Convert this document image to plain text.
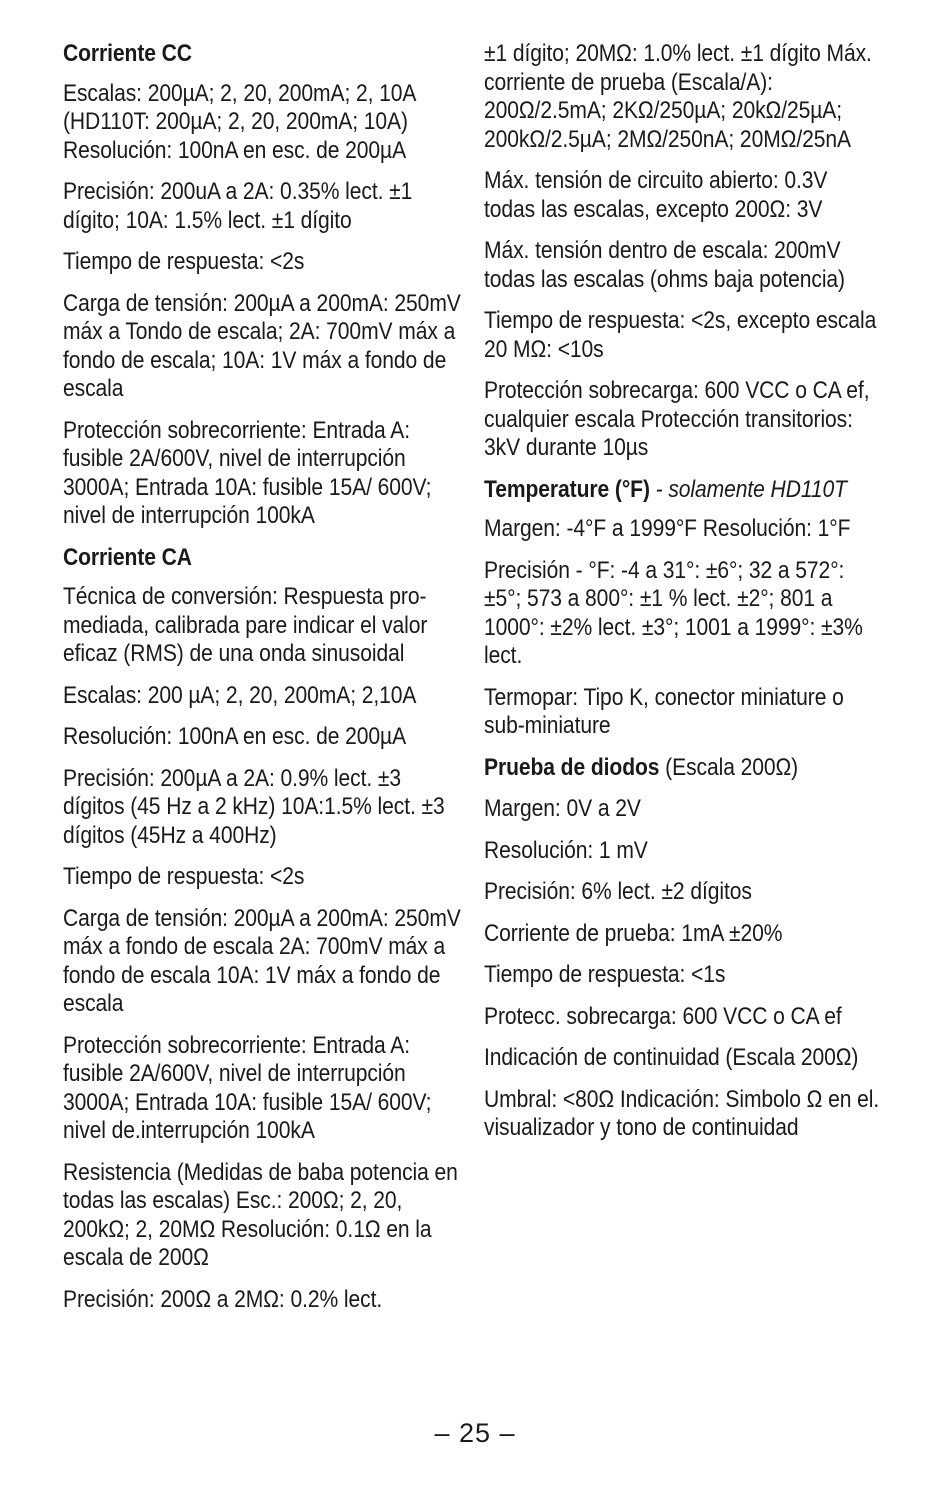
Corriente CC
Escalas: 200µA; 2, 20, 200mA; 2, 10A (HD110T: 200µA; 2, 20, 200mA; 10A) Resolución: 100nA en esc. de 200µA
Precisión: 200uA a 2A: 0.35% lect. ±1 dígito; 10A: 1.5% lect. ±1 dígito
Tiempo de respuesta: <2s
Carga de tensión: 200µA a 200mA: 250mV máx a Tondo de escala; 2A: 700mV máx a fondo de escala; 10A: 1V máx a fondo de escala
Protección sobrecorriente: Entrada A: fusible 2A/600V, nivel de interrupción 3000A; Entrada 10A: fusible 15A/ 600V; nivel de interrupción 100kA
Corriente CA
Técnica de conversión: Respuesta promediada, calibrada pare indicar el valor eficaz (RMS) de una onda sinusoidal
Escalas: 200 µA; 2, 20, 200mA; 2,10A
Resolución: 100nA en esc. de 200µA
Precisión: 200µA a 2A: 0.9% lect. ±3 dígitos (45 Hz a 2 kHz) 10A:1.5% lect. ±3 dígitos (45Hz a 400Hz)
Tiempo de respuesta: <2s
Carga de tensión: 200µA a 200mA: 250mV máx a fondo de escala 2A: 700mV máx a fondo de escala 10A: 1V máx a fondo de escala
Protección sobrecorriente: Entrada A: fusible 2A/600V, nivel de interrupción 3000A; Entrada 10A: fusible 15A/ 600V; nivel de.interrupción 100kA
Resistencia (Medidas de baba potencia en todas las escalas) Esc.: 200Ω; 2, 20, 200kΩ; 2, 20MΩ Resolución: 0.1Ω en la escala de 200Ω
Precisión: 200Ω a 2MΩ: 0.2% lect.
±1 dígito; 20MΩ: 1.0% lect. ±1 dígito Máx. corriente de prueba (Escala/A): 200Ω/2.5mA; 2KΩ/250µA; 20kΩ/25µA; 200kΩ/2.5µA; 2MΩ/250nA; 20MΩ/25nA
Máx. tensión de circuito abierto: 0.3V todas las escalas, excepto 200Ω: 3V
Máx. tensión dentro de escala: 200mV todas las escalas (ohms baja potencia)
Tiempo de respuesta: <2s, excepto escala 20 MΩ: <10s
Protección sobrecarga: 600 VCC o CA ef, cualquier escala Protección transitorios: 3kV durante 10µs
Temperature (°F) - solamente HD110T
Margen: -4°F a 1999°F Resolución: 1°F
Precisión - °F: -4 a 31°: ±6°; 32 a 572°: ±5°; 573 a 800°: ±1 % lect. ±2°; 801 a 1000°: ±2% lect. ±3°; 1001 a 1999°: ±3% lect.
Termopar: Tipo K, conector miniature o sub-miniature
Prueba de diodos (Escala 200Ω)
Margen: 0V a 2V
Resolución: 1 mV
Precisión: 6% lect. ±2 dígitos
Corriente de prueba: 1mA ±20%
Tiempo de respuesta: <1s
Protecc. sobrecarga: 600 VCC o CA ef
Indicación de continuidad (Escala 200Ω)
Umbral: <80Ω Indicación: Simbolo Ω en el. visualizador y tono de continuidad
– 25 –
